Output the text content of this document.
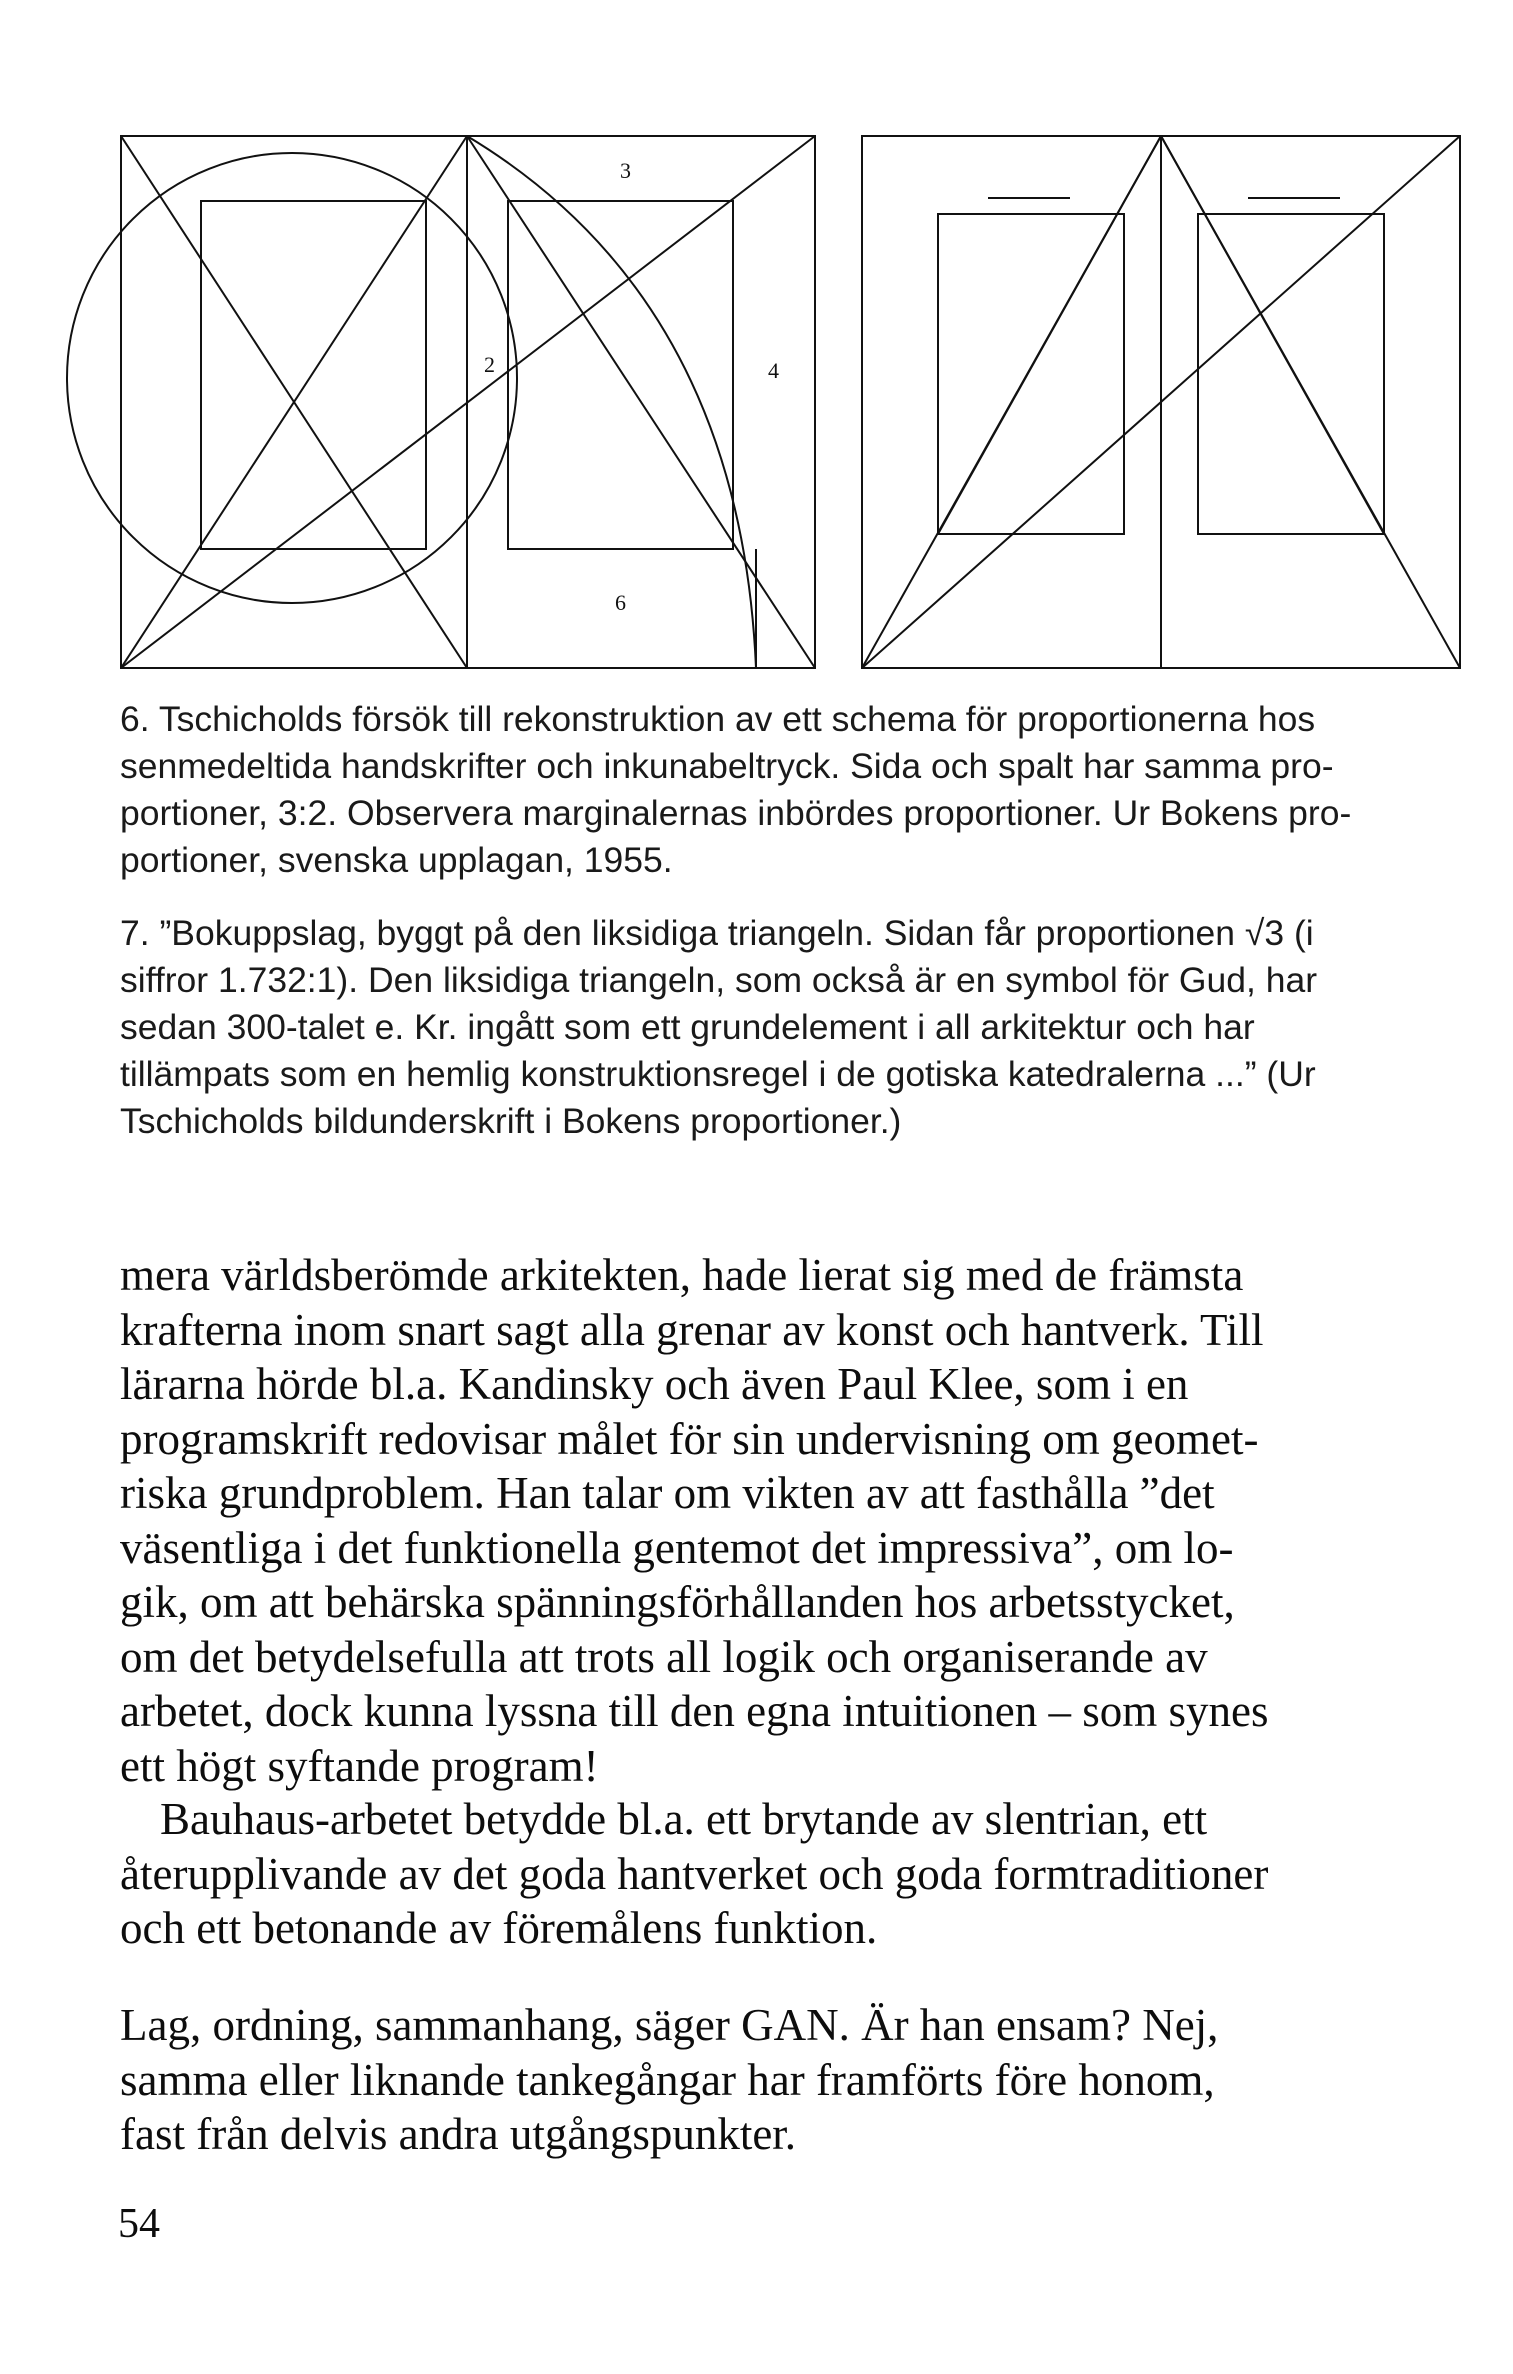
3
2	4
6
6. Tschicholds försök till rekonstruktion av ett schema för proportionerna hos
senmedeltida handskrifter och inkunabeltryck. Sida och spalt har samma pro-
portioner, 3:2. Observera marginalernas inbördes proportioner. Ur Bokens pro-
portioner, svenska upplagan, 1955.
7. ”Bokuppslag, byggt på den liksidiga triangeln. Sidan får proportionen √3 (i
siffror 1.732:1). Den liksidiga triangeln, som också är en symbol för Gud, har
sedan 300-talet e. Kr. ingått som ett grundelement i all arkitektur och har
tillämpats som en hemlig konstruktionsregel i de gotiska katedralerna ...” (Ur
Tschicholds bildunderskrift i Bokens proportioner.)
mera världsberömde arkitekten, hade lierat sig med de främsta
krafterna inom snart sagt alla grenar av konst och hantverk. Till
lärarna hörde bl.a. Kandinsky och även Paul Klee, som i en
programskrift redovisar målet för sin undervisning om geomet-
riska grundproblem. Han talar om vikten av att fasthålla ”det
väsentliga i det funktionella gentemot det impressiva”, om lo-
gik, om att behärska spänningsförhållanden hos arbetsstycket,
om det betydelsefulla att trots all logik och organiserande av
arbetet, dock kunna lyssna till den egna intuitionen – som synes
ett högt syftande program!
Bauhaus-arbetet betydde bl.a. ett brytande av slentrian, ett
återupplivande av det goda hantverket och goda formtraditioner
och ett betonande av föremålens funktion.
Lag, ordning, sammanhang, säger GAN. Är han ensam? Nej,
samma eller liknande tankegångar har framförts före honom,
fast från delvis andra utgångspunkter.
54
